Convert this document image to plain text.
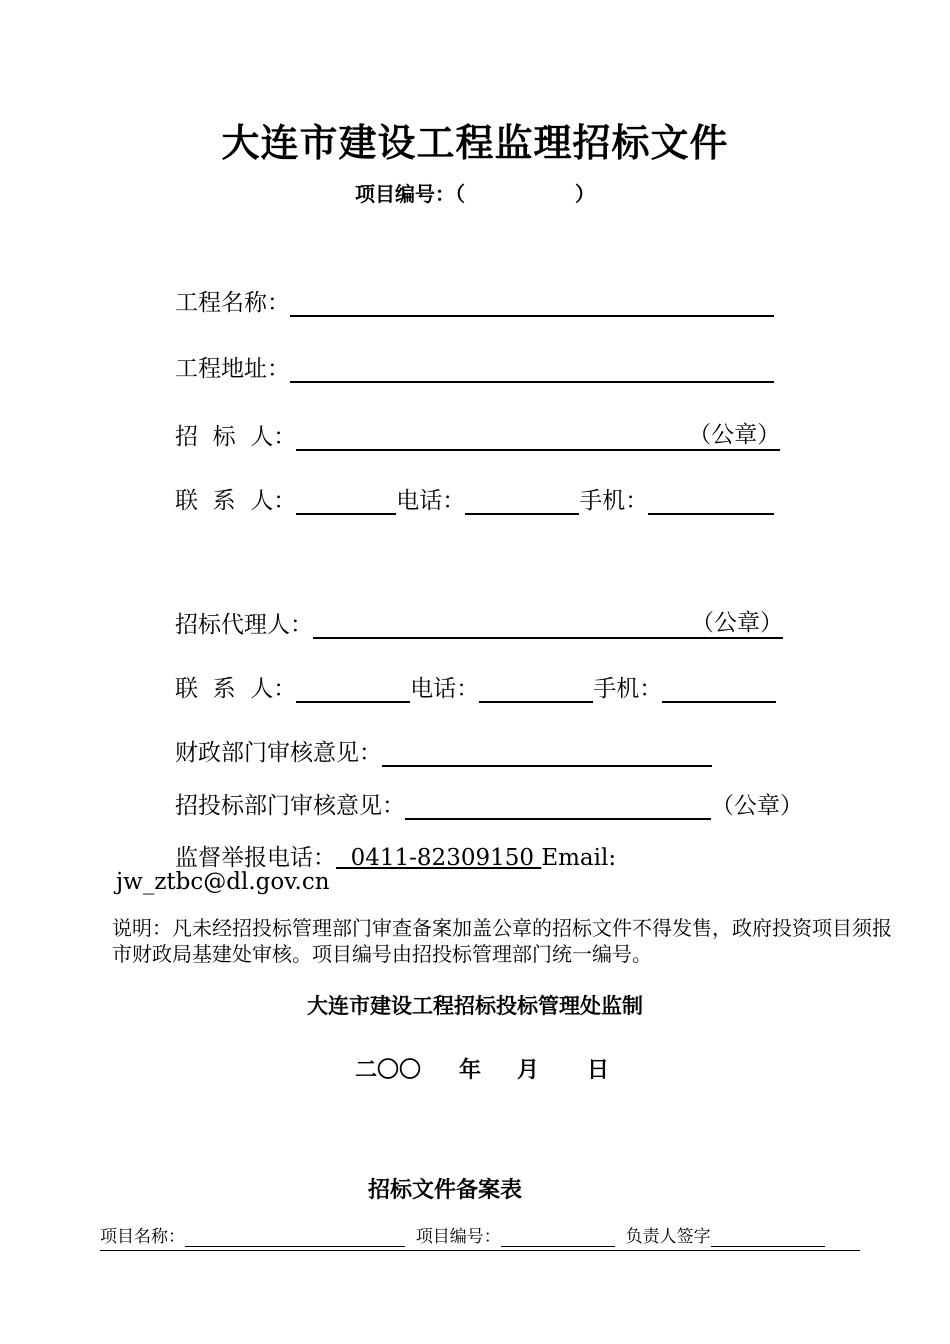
大连市建设工程监理招标文件
项目编号：（	）
工程名称：
工程地址：
招  标  人：	（公章）
联  系  人：	电话：	手机：
招标代理人：	（公章）
联  系  人：	电话：	手机：
财政部门审核意见：
招投标部门审核意见：	（公章）
监督举报电话：  0411-82309150 Email:
jw_ztbc@dl.gov.cn
说明：凡未经招投标管理部门审查备案加盖公章的招标文件不得发售，政府投资项目须报市财政局基建处审核。项目编号由招投标管理部门统一编号。
大连市建设工程招标投标管理处监制
二〇〇 年 月 日
招标文件备案表
项目名称：	项目编号：	负责人签字
